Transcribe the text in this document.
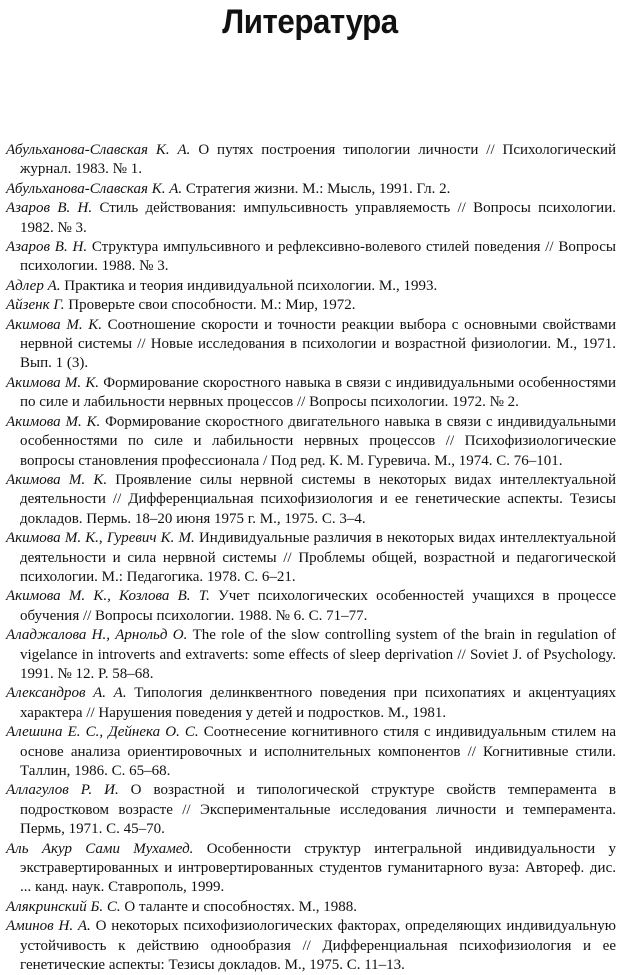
Литература
Абульханова-Славская К. А. О путях построения типологии личности // Психологический журнал. 1983. № 1.
Абульханова-Славская К. А. Стратегия жизни. М.: Мысль, 1991. Гл. 2.
Азаров В. Н. Стиль действования: импульсивность управляемость // Вопросы психологии. 1982. № 3.
Азаров В. Н. Структура импульсивного и рефлексивно-волевого стилей поведения // Вопросы психологии. 1988. № 3.
Адлер А. Практика и теория индивидуальной психологии. М., 1993.
Айзенк Г. Проверьте свои способности. М.: Мир, 1972.
Акимова М. К. Соотношение скорости и точности реакции выбора с основными свойствами нервной системы // Новые исследования в психологии и возрастной физиологии. М., 1971. Вып. 1 (3).
Акимова М. К. Формирование скоростного навыка в связи с индивидуальными особенностями по силе и лабильности нервных процессов // Вопросы психологии. 1972. № 2.
Акимова М. К. Формирование скоростного двигательного навыка в связи с индивидуальными особенностями по силе и лабильности нервных процессов // Психофизиологические вопросы становления профессионала / Под ред. К. М. Гуревича. М., 1974. С. 76–101.
Акимова М. К. Проявление силы нервной системы в некоторых видах интеллектуальной деятельности // Дифференциальная психофизиология и ее генетические аспекты. Тезисы докладов. Пермь. 18–20 июня 1975 г. М., 1975. С. 3–4.
Акимова М. К., Гуревич К. М. Индивидуальные различия в некоторых видах интеллектуальной деятельности и сила нервной системы // Проблемы общей, возрастной и педагогической психологии. М.: Педагогика. 1978. С. 6–21.
Акимова М. К., Козлова В. Т. Учет психологических особенностей учащихся в процессе обучения // Вопросы психологии. 1988. № 6. С. 71–77.
Аладжалова Н., Арнольд О. The role of the slow controlling system of the brain in regulation of vigelance in introverts and extraverts: some effects of sleep deprivation // Soviet J. of Psychology. 1991. № 12. P. 58–68.
Александров А. А. Типология делинквентного поведения при психопатиях и акцентуациях характера // Нарушения поведения у детей и подростков. М., 1981.
Алешина Е. С., Дейнека О. С. Соотнесение когнитивного стиля с индивидуальным стилем на основе анализа ориентировочных и исполнительных компонентов // Когнитивные стили. Таллин, 1986. С. 65–68.
Аллагулов Р. И. О возрастной и типологической структуре свойств темперамента в подростковом возрасте // Экспериментальные исследования личности и темперамента. Пермь, 1971. С. 45–70.
Аль Акур Сами Мухамед. Особенности структур интегральной индивидуальности у экстравертированных и интровертированных студентов гуманитарного вуза: Автореф. дис. ... канд. наук. Ставрополь, 1999.
Алякринский Б. С. О таланте и способностях. М., 1988.
Аминов Н. А. О некоторых психофизиологических факторах, определяющих индивидуальную устойчивость к действию однообразия // Дифференциальная психофизиология и ее генетические аспекты: Тезисы докладов. М., 1975. С. 11–13.
